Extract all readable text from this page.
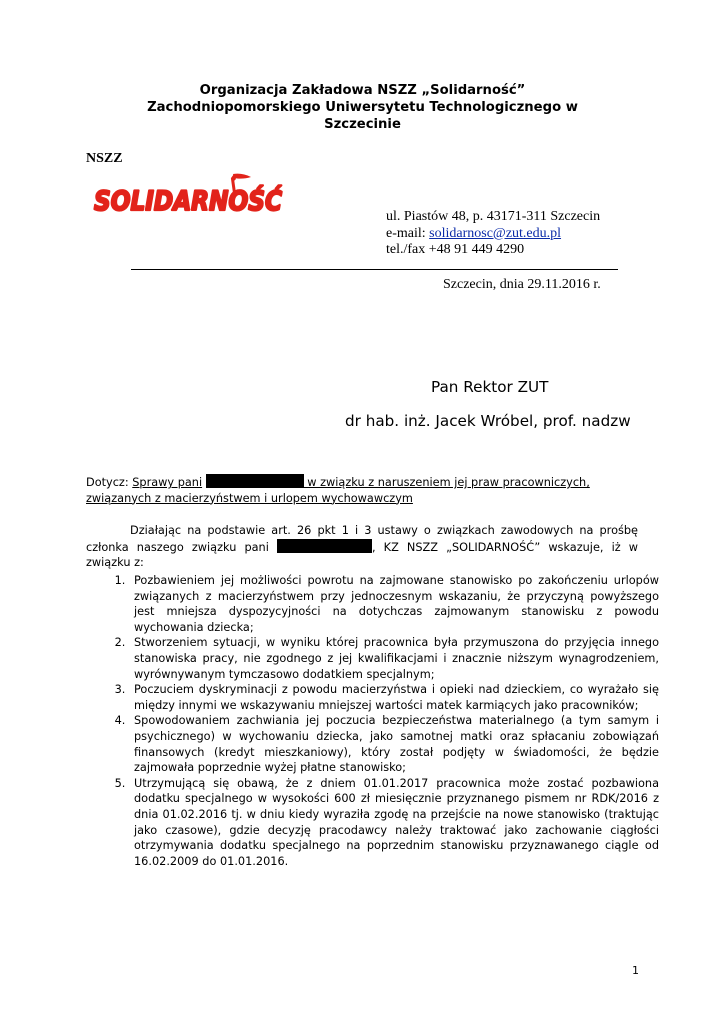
Organizacja Zakładowa NSZZ „Solidarność”
Zachodniopomorskiego Uniwersytetu Technologicznego w
Szczecinie
NSZZ
SOLIDARNOŚĆ	ul. Piastów 48, p. 43171-311 Szczecin
e-mail: solidarnosc@zut.edu.pl
tel./fax +48 91 449 4290
Szczecin, dnia 29.11.2016 r.
Pan Rektor ZUT
dr hab. inż. Jacek Wróbel, prof. nadzw
Dotycz: Sprawy pani	w związku z naruszeniem jej praw pracowniczych, związanych z macierzyństwem i urlopem wychowawczym
Działając na podstawie art. 26 pkt 1 i 3 ustawy o związkach zawodowych na prośbę członka naszego związku pani	, KZ NSZZ „SOLIDARNOŚĆ” wskazuje, iż w związku z:
1. Pozbawieniem jej możliwości powrotu na zajmowane stanowisko po zakończeniu urlopów związanych z macierzyństwem przy jednoczesnym wskazaniu, że przyczyną powyższego jest mniejsza dyspozycyjności na dotychczas zajmowanym stanowisku z powodu wychowania dziecka;
2. Stworzeniem sytuacji, w wyniku której pracownica była przymuszona do przyjęcia innego stanowiska pracy, nie zgodnego z jej kwalifikacjami i znacznie niższym wynagrodzeniem, wyrównywanym tymczasowo dodatkiem specjalnym;
3. Poczuciem dyskryminacji z powodu macierzyństwa i opieki nad dzieckiem, co wyrażało się między innymi we wskazywaniu mniejszej wartości matek karmiących jako pracowników;
4. Spowodowaniem zachwiania jej poczucia bezpieczeństwa materialnego (a tym samym i psychicznego) w wychowaniu dziecka, jako samotnej matki oraz spłacaniu zobowiązań finansowych (kredyt mieszkaniowy), który został podjęty w świadomości, że będzie zajmowała poprzednie wyżej płatne stanowisko;
5. Utrzymującą się obawą, że z dniem 01.01.2017 pracownica może zostać pozbawiona dodatku specjalnego w wysokości 600 zł miesięcznie przyznanego pismem nr RDK/2016 z dnia 01.02.2016 tj. w dniu kiedy wyraziła zgodę na przejście na nowe stanowisko (traktując jako czasowe), gdzie decyzję pracodawcy należy traktować jako zachowanie ciągłości otrzymywania dodatku specjalnego na poprzednim stanowisku przyznawanego ciągle od 16.02.2009 do 01.01.2016.
1
